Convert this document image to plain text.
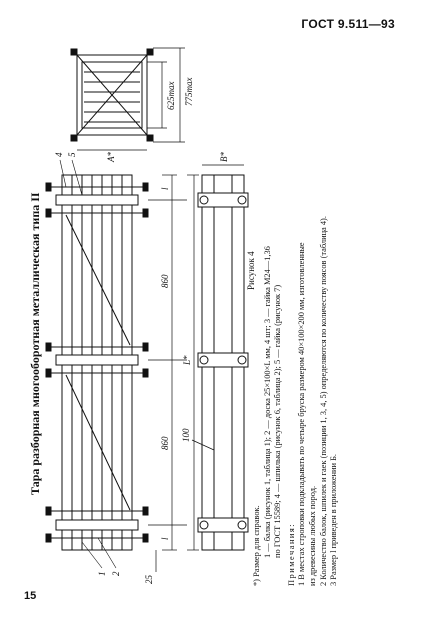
ГОСТ 9.511—93
15
Тара разборная многооборотная металлическая типа II
775max
625max
A*	B*
L*
860
860
l
l
25
100
1 2
4 5
Рисунок 4

*) Размер для справок. 1 — балка (рисунок 1, таблица 1); 2 — доска 25×100×L мм, 4 шт; 3 — гайка М24—1,36 по ГОСТ 15589; 4 — шпилька (рисунок 6, таблица 2); 5 — гайка (рисунок 7) Примечания: 1 В местах строповки подкладывать по четыре бруска размером 40×100×200 мм, изготовленные из древесины любых пород. 2 Количество балок, шпилек и гаек (позиции 1, 3, 4, 5) определяются по количеству поясов (таблица 4). 3 Размер l приведен в приложении Б.
